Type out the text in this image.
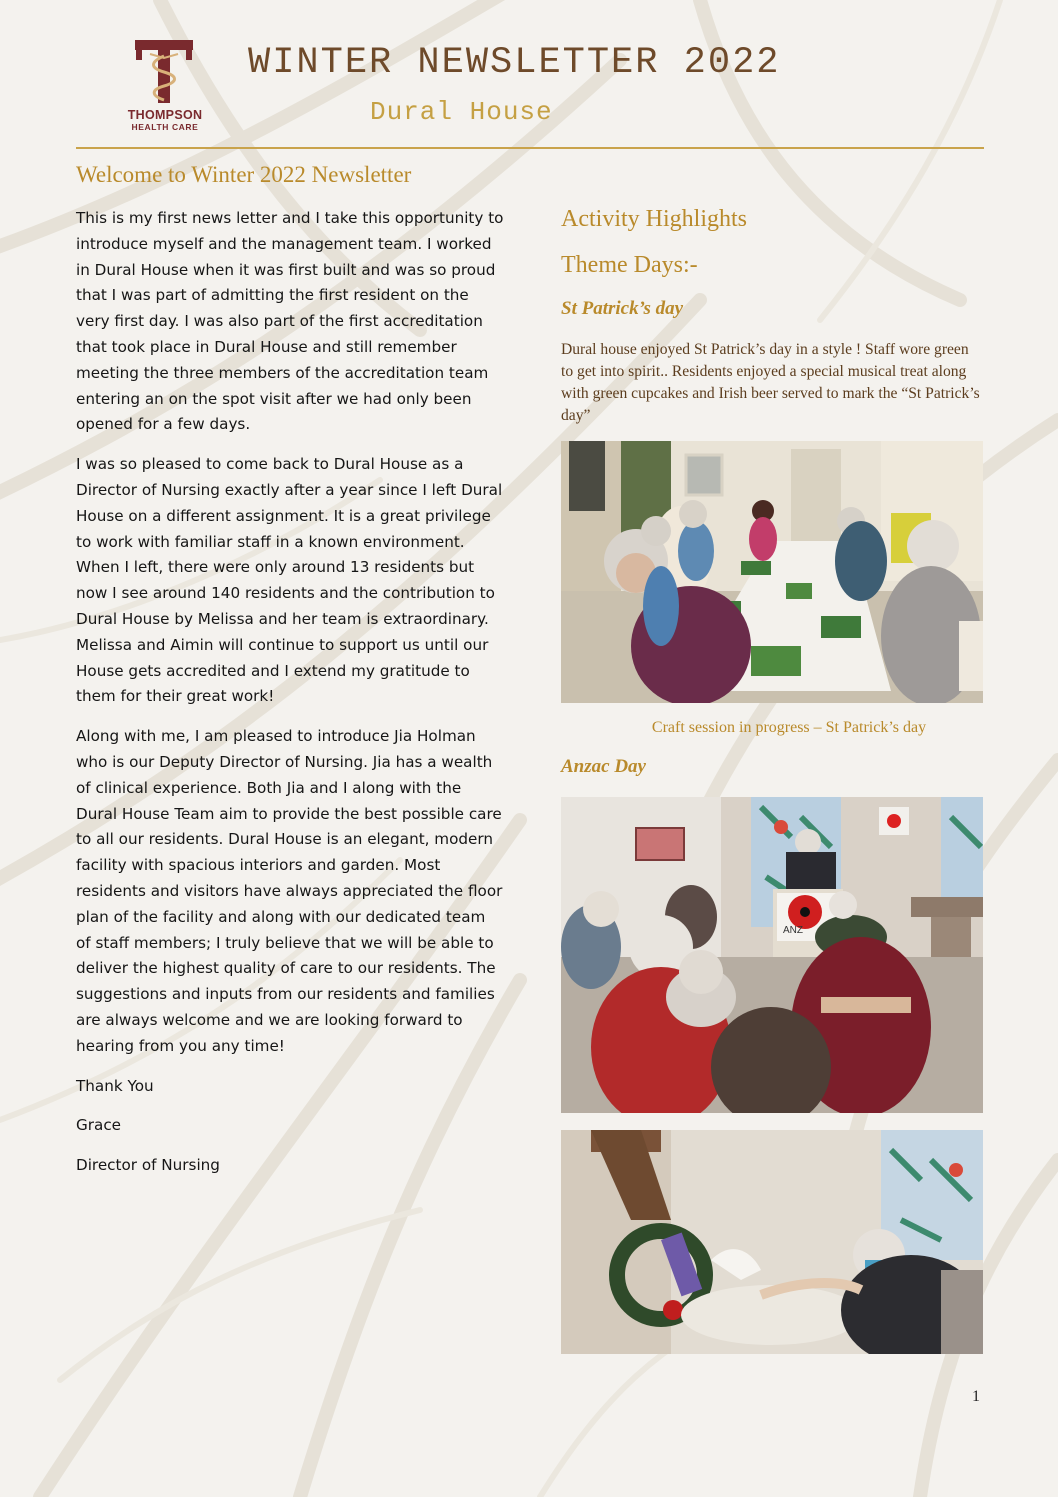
THOMPSON
HEALTH CARE
WINTER NEWSLETTER 2022
Dural House
Welcome to Winter 2022 Newsletter

This is my first news letter and I take this opportunity to introduce myself and the management team. I worked in Dural House when it was first built and was so proud that I was part of admitting the first resident on the very first day. I was also part of the first accreditation that took place in Dural House and still remember meeting the three members of the accreditation team entering an on the spot visit after we had only been opened for a few days.

I was so pleased to come back to Dural House as a Director of Nursing exactly after a year since I left Dural House on a different assignment. It is a great privilege to work with familiar staff in a known environment. When I left, there were only around 13 residents but now I see around 140 residents and the contribution to Dural House by Melissa and her team is extraordinary. Melissa and Aimin will continue to support us until our House gets accredited and I extend my gratitude to them for their great work!

Along with me, I am pleased to introduce Jia Holman who is our Deputy Director of Nursing. Jia has a wealth of clinical experience. Both Jia and I along with the Dural House Team aim to provide the best possible care to all our residents. Dural House is an elegant, modern facility with spacious interiors and garden. Most residents and visitors have always appreciated the floor plan of the facility and along with our dedicated team of staff members; I truly believe that we will be able to deliver the highest quality of care to our residents. The suggestions and inputs from our residents and families are always welcome and we are looking forward to hearing from you any time!

Thank You

Grace

Director of Nursing

Activity Highlights
Theme Days:-
St Patrick’s day
Dural house enjoyed St Patrick’s day in a style ! Staff wore green to get into spirit.. Residents enjoyed a special musical treat along with green cupcakes and Irish beer served to mark the “St Patrick’s day”
Craft session in progress – St Patrick’s day
Anzac Day
ANZ
1
